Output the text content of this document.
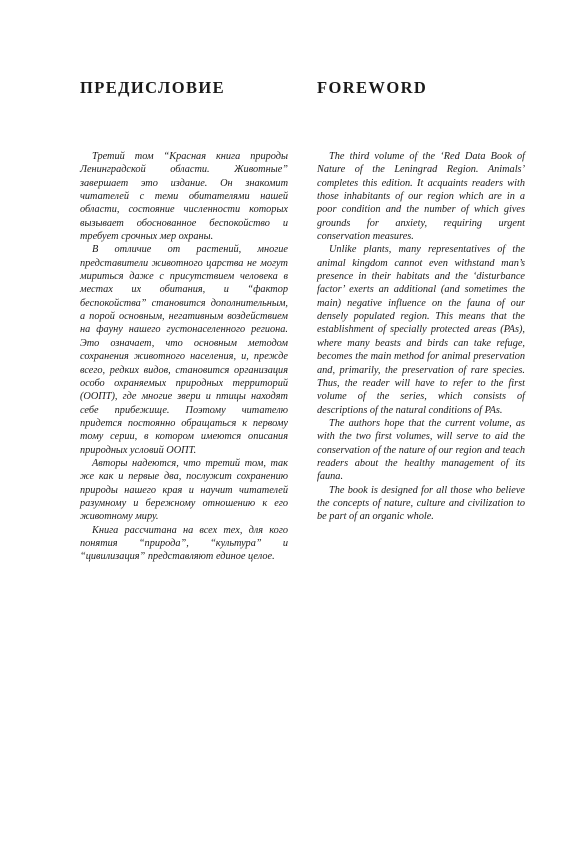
ПРЕДИСЛОВИЕ	FOREWORD

Третий том “Красная книга природы Ленинградской области. Животные” завершает это издание. Он знакомит читателей с теми обитателями нашей области, состояние численности которых вызывает обоснованное беспокойство и требует срочных мер охраны.

В отличие от растений, многие представители животного царства не могут мириться даже с присутствием человека в местах их обитания, и “фактор беспокойства” становится дополнительным, а порой основным, негативным воздействием на фауну нашего густонаселенного региона. Это означает, что основным методом сохранения животного населения, и, прежде всего, редких видов, становится организация особо охраняемых природных территорий (ООПТ), где многие звери и птицы находят себе прибежище. Поэтому читателю придется постоянно обращаться к первому тому серии, в котором имеются описания природных условий ООПТ.

Авторы надеются, что третий том, так же как и первые два, послужит сохранению природы нашего края и научит читателей разумному и бережному отношению к его животному миру.

Книга рассчитана на всех тех, для кого понятия “природа”, “культура” и “цивилизация” представляют единое целое.

The third volume of the ‘Red Data Book of Nature of the Leningrad Region. Animals’ completes this edition. It acquaints readers with those inhabitants of our region which are in a poor condition and the number of which gives grounds for anxiety, requiring urgent conservation measures.

Unlike plants, many representatives of the animal kingdom cannot even withstand man’s presence in their habitats and the ‘disturbance factor’ exerts an additional (and sometimes the main) negative influence on the fauna of our densely populated region. This means that the establishment of specially protected areas (PAs), where many beasts and birds can take refuge, becomes the main method for animal preservation and, primarily, the preservation of rare species. Thus, the reader will have to refer to the first volume of the series, which consists of descriptions of the natural conditions of PAs.

The authors hope that the current volume, as with the two first volumes, will serve to aid the conservation of the nature of our region and teach readers about the healthy management of its fauna.

The book is designed for all those who believe the concepts of nature, culture and civilization to be part of an organic whole.
